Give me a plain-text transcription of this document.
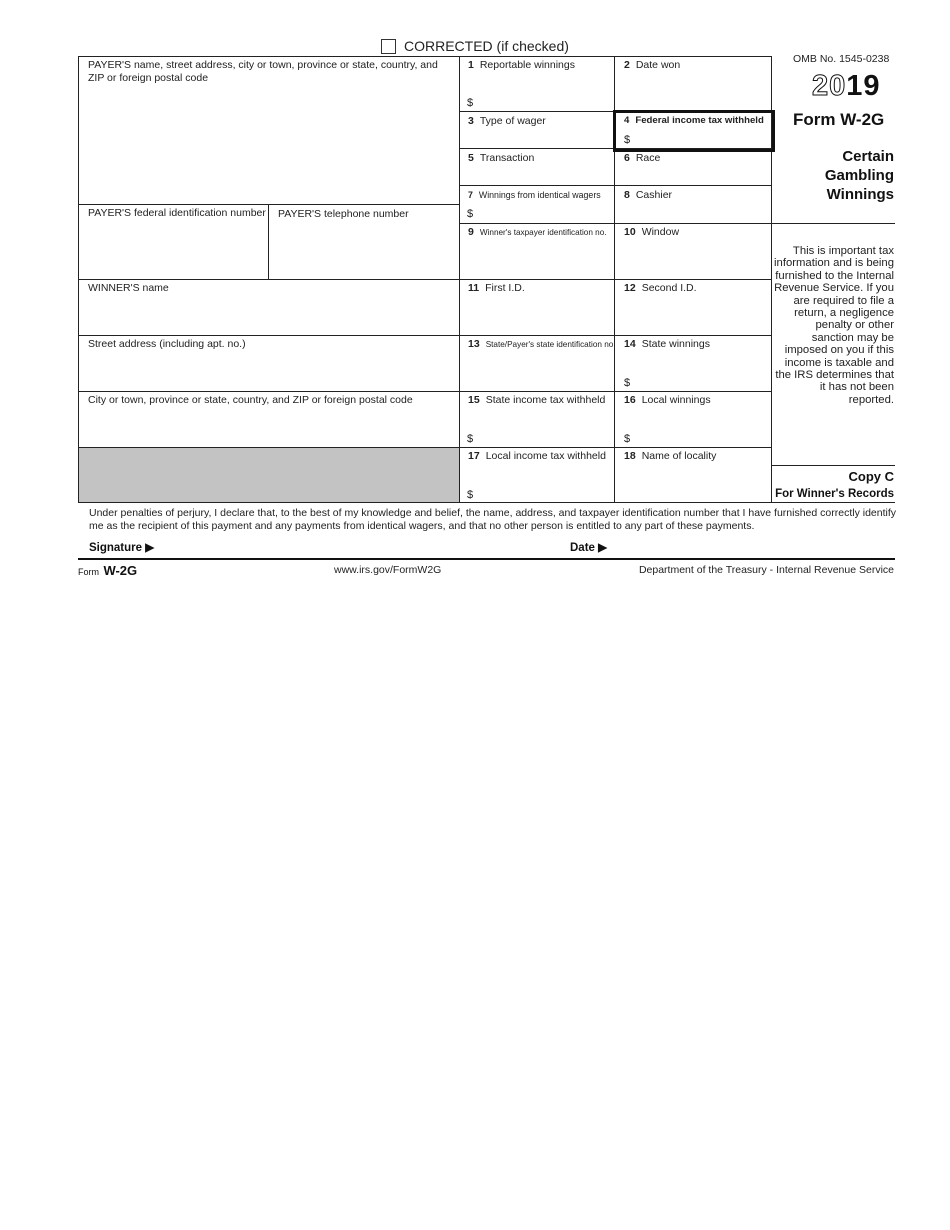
CORRECTED (if checked)
OMB No. 1545-0238
2019
Form W-2G
Certain
Gambling
Winnings
PAYER'S name, street address, city or town, province or state, country, and ZIP or foreign postal code
PAYER'S federal identification number PAYER'S telephone number
WINNER'S name
Street address (including apt. no.)
City or town, province or state, country, and ZIP or foreign postal code
1 Reportable winnings
$
2 Date won
3 Type of wager	4 Federal income tax withheld
$
5 Transaction	6 Race
7 Winnings from identical wagers
$
8 Cashier
9 Winner's taxpayer identification no. 10 Window
11 First I.D.	12 Second I.D.
13 State/Payer's state identification no. 14 State winnings
$
15 State income tax withheld
$
16 Local winnings
$
17 Local income tax withheld
$
18 Name of locality
This is important tax information and is being furnished to the Internal Revenue Service. If you are required to file a return, a negligence penalty or other sanction may be imposed on you if this income is taxable and the IRS determines that it has not been reported.
Copy C
For Winner's Records
Under penalties of perjury, I declare that, to the best of my knowledge and belief, the name, address, and taxpayer identification number that I have furnished correctly identify me as the recipient of this payment and any payments from identical wagers, and that no other person is entitled to any part of these payments.
Signature ▶	Date ▶
Form W-2G	www.irs.gov/FormW2G	Department of the Treasury - Internal Revenue Service
